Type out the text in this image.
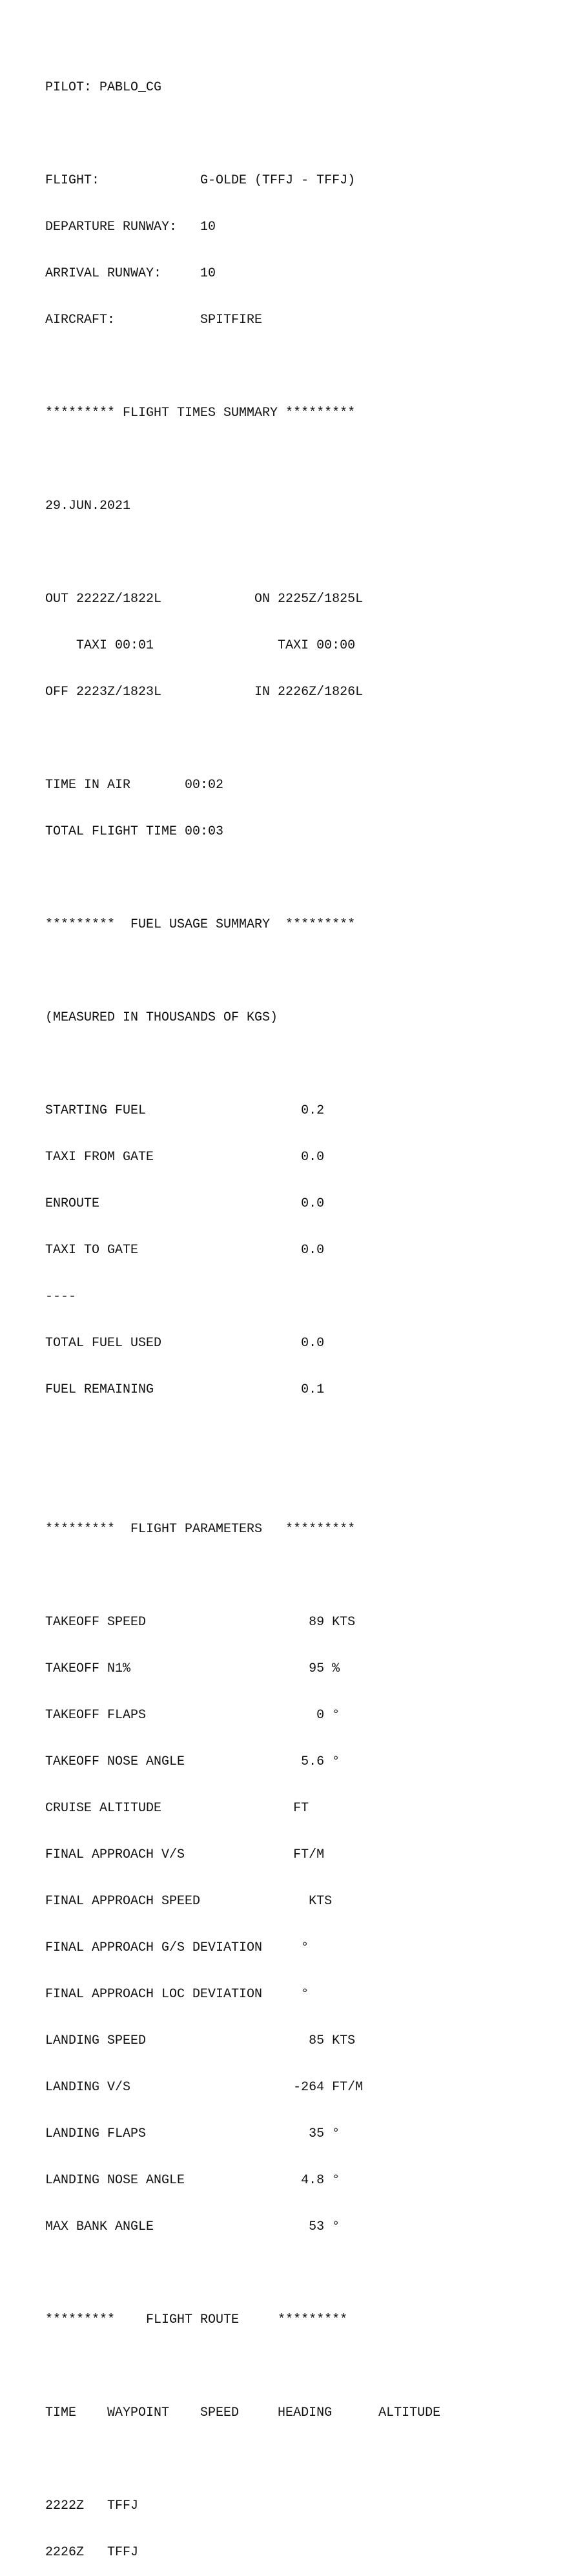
PILOT: PABLO_CG

FLIGHT:             G-OLDE (TFFJ - TFFJ)

DEPARTURE RUNWAY:   10

ARRIVAL RUNWAY:     10

AIRCRAFT:           SPITFIRE

********* FLIGHT TIMES SUMMARY *********

29.JUN.2021

OUT 2222Z/1822L            ON 2225Z/1825L

TAXI 00:01                TAXI 00:00

OFF 2223Z/1823L            IN 2226Z/1826L

TIME IN AIR       00:02

TOTAL FLIGHT TIME 00:03

*********  FUEL USAGE SUMMARY  *********

(MEASURED IN THOUSANDS OF KGS)

STARTING FUEL                    0.2

TAXI FROM GATE                   0.0

ENROUTE                          0.0

TAXI TO GATE                     0.0

----

TOTAL FUEL USED                  0.0

FUEL REMAINING                   0.1

*********  FLIGHT PARAMETERS   *********

TAKEOFF SPEED                     89 KTS

TAKEOFF N1%                       95 %

TAKEOFF FLAPS                      0 °

TAKEOFF NOSE ANGLE               5.6 °

CRUISE ALTITUDE                 FT

FINAL APPROACH V/S              FT/M

FINAL APPROACH SPEED              KTS

FINAL APPROACH G/S DEVIATION     °

FINAL APPROACH LOC DEVIATION     °

LANDING SPEED                     85 KTS

LANDING V/S                     -264 FT/M

LANDING FLAPS                     35 °

LANDING NOSE ANGLE               4.8 °

MAX BANK ANGLE                    53 °

*********    FLIGHT ROUTE     *********

TIME    WAYPOINT    SPEED     HEADING      ALTITUDE

2222Z   TFFJ

2226Z   TFFJ
